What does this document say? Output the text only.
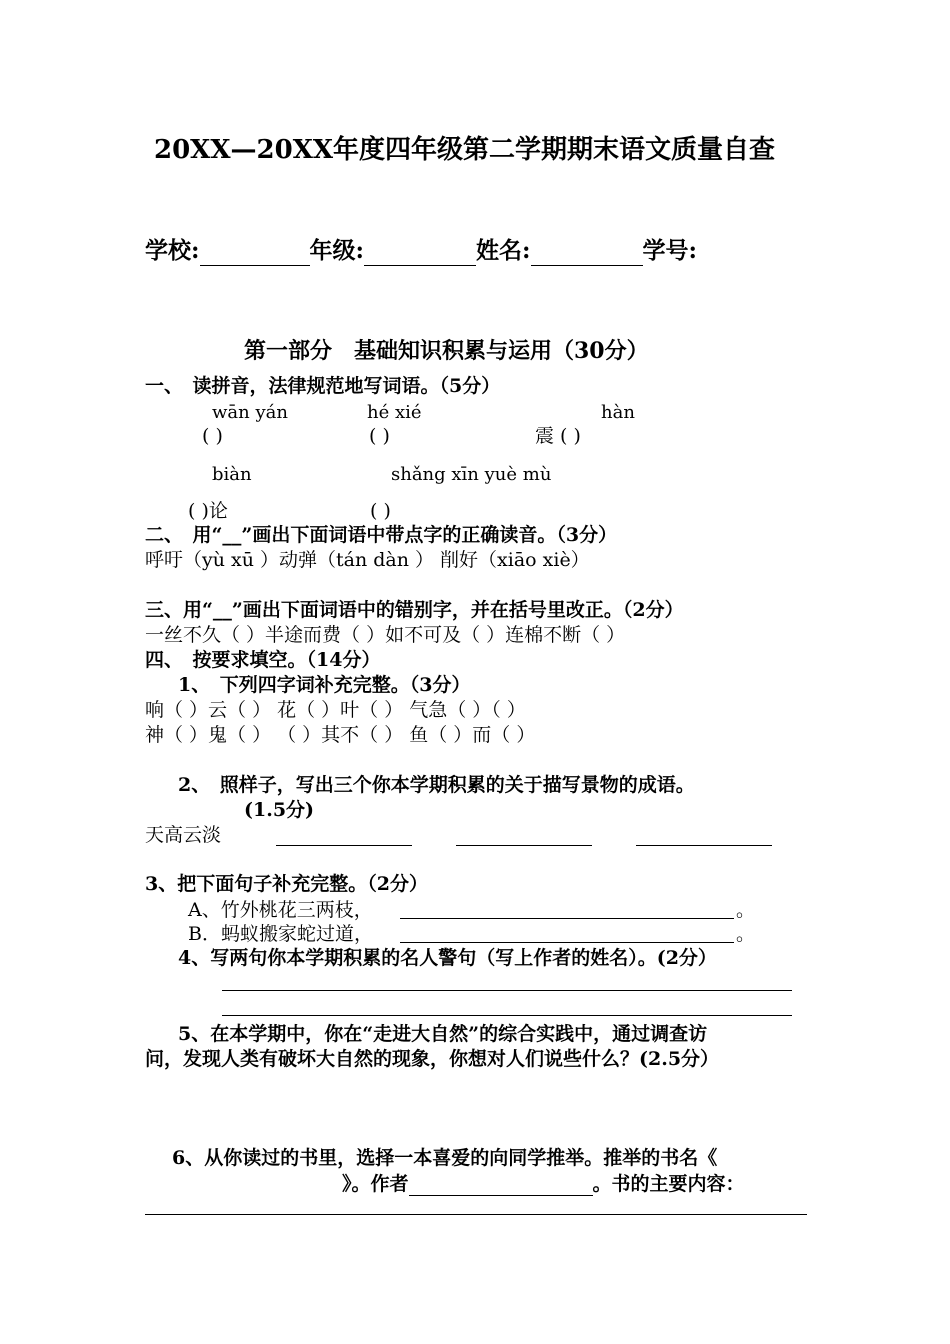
20XX—20XX年度四年级第二学期期末语文质量自查
学校:	年级:	姓名:	学号:
第一部分　基础知识积累与运用（30分）
一、　读拼音，法律规范地写词语。（5分）
wān yán	hé xié	hàn
( )	( )	震 ( )
biàn	shǎng xīn yuè mù
( )论	( )
二、　用“__”画出下面词语中带点字的正确读音。（3分）
呼吁（yù xū ）动弹（tán dàn ） 削好（xiāo xiè）
三、用“__”画出下面词语中的错别字，并在括号里改正。（2分）
一丝不久（ ）半途而费（ ）如不可及（ ）连棉不断（ ）
四、　按要求填空。（14分）
1、　下列四字词补充完整。（3分）
响（ ）云（ ） 花（ ）叶（ ） 气急（ ）（ ）
神（ ）鬼（ ） （ ）其不（ ） 鱼（ ）而（ ）
2、　照样子，写出三个你本学期积累的关于描写景物的成语。
(1.5分)
天高云淡
3、把下面句子补充完整。（2分）
A、竹外桃花三两枝，	。
B．蚂蚁搬家蛇过道，	。
4、写两句你本学期积累的名人警句（写上作者的姓名）。(2分）
5、在本学期中，你在“走进大自然”的综合实践中，通过调查访
问，发现人类有破坏大自然的现象，你想对人们说些什么？(2.5分）
6、从你读过的书里，选择一本喜爱的向同学推举。推举的书名《
》。作者	。书的主要内容：
